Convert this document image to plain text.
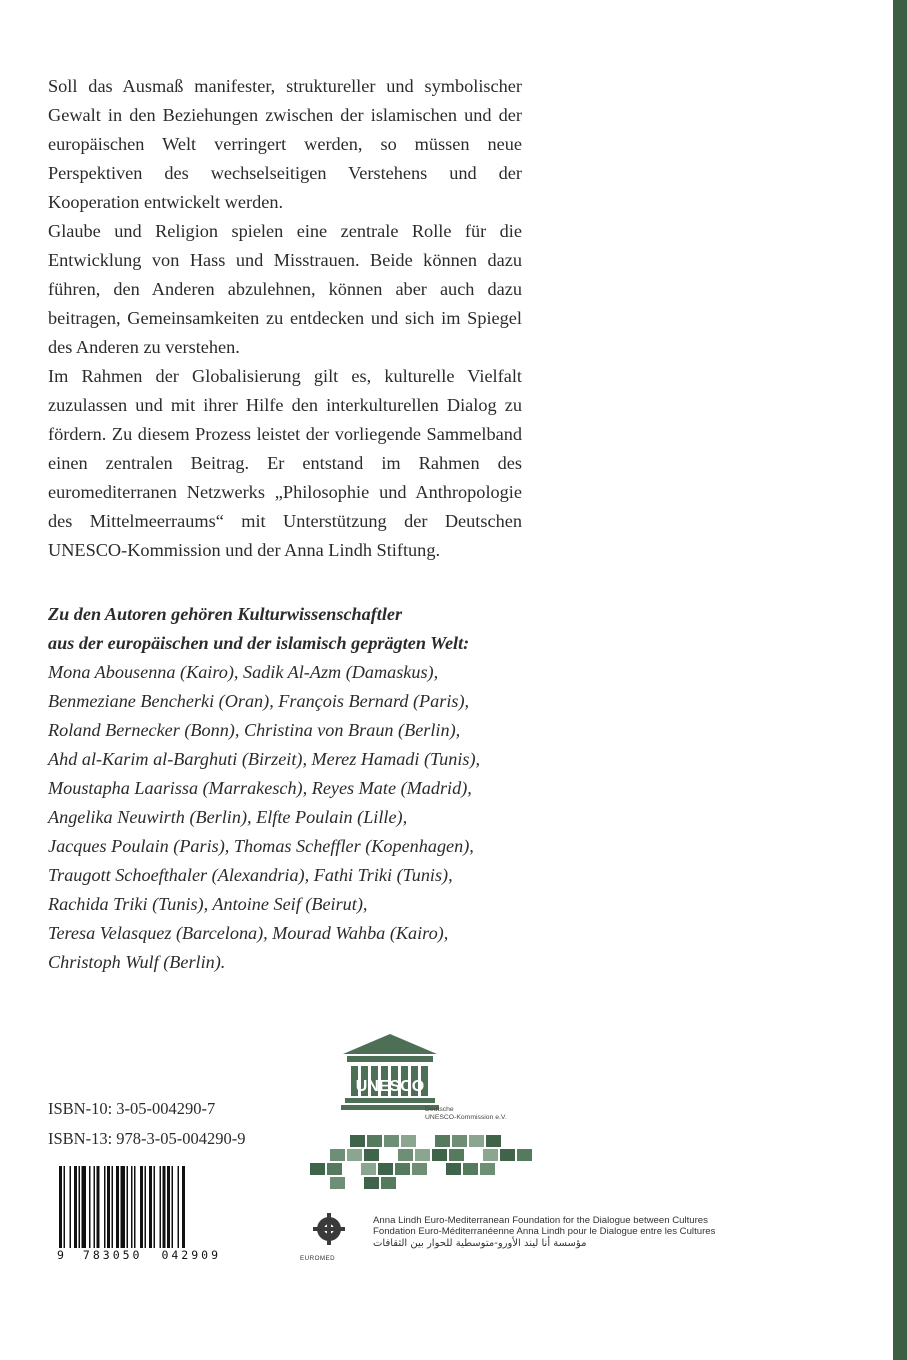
Soll das Ausmaß manifester, struktureller und symbolischer Gewalt in den Beziehungen zwischen der islamischen und der europäischen Welt verringert werden, so müssen neue Perspektiven des wechselseitigen Verstehens und der Kooperation entwickelt werden.

Glaube und Religion spielen eine zentrale Rolle für die Entwicklung von Hass und Misstrauen. Beide können dazu führen, den Anderen abzulehnen, können aber auch dazu beitragen, Gemeinsamkeiten zu entdecken und sich im Spiegel des Anderen zu verstehen.

Im Rahmen der Globalisierung gilt es, kulturelle Vielfalt zuzulassen und mit ihrer Hilfe den interkulturellen Dialog zu fördern. Zu diesem Prozess leistet der vorliegende Sammelband einen zentralen Beitrag. Er entstand im Rahmen des euromediterranen Netzwerks „Philosophie und Anthropologie des Mittelmeerraums“ mit Unterstützung der Deutschen UNESCO-Kommission und der Anna Lindh Stiftung.

Zu den Autoren gehören Kulturwissenschaftler
aus der europäischen und der islamisch geprägten Welt:
Mona Abousenna (Kairo), Sadik Al-Azm (Damaskus),
Benmeziane Bencherki (Oran), François Bernard (Paris),
Roland Bernecker (Bonn), Christina von Braun (Berlin),
Ahd al-Karim al-Barghuti (Birzeit), Merez Hamadi (Tunis),
Moustapha Laarissa (Marrakesch), Reyes Mate (Madrid),
Angelika Neuwirth (Berlin), Elfte Poulain (Lille),
Jacques Poulain (Paris), Thomas Scheffler (Kopenhagen),
Traugott Schoefthaler (Alexandria), Fathi Triki (Tunis),
Rachida Triki (Tunis), Antoine Seif (Beirut),
Teresa Velasquez (Barcelona), Mourad Wahba (Kairo),
Christoph Wulf (Berlin).
ISBN-10: 3-05-004290-7
ISBN-13: 978-3-05-004290-9
9 783050 042909
UNESCO
Deutsche
UNESCO-Kommission e.V.
EUROMED
Anna Lindh Euro-Mediterranean Foundation for the Dialogue between Cultures
Fondation Euro-Méditerranéenne Anna Lindh pour le Dialogue entre les Cultures
مؤسسة أنا ليند الأورو-متوسطية للحوار بين الثقافات
